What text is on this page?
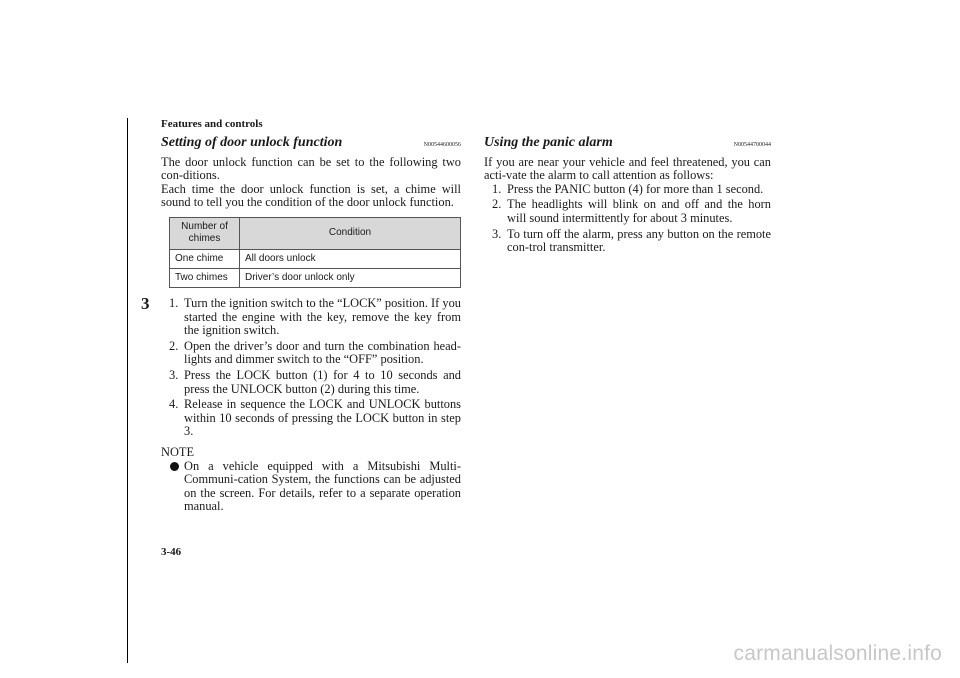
Features and controls
3
Setting of door unlock function	N00544600056

The door unlock function can be set to the following two con-ditions.

Each time the door unlock function is set, a chime will sound to tell you the condition of the door unlock function.

Number of chimes	Condition
One chime	All doors unlock
Two chimes	Driver’s door unlock only
1. Turn the ignition switch to the “LOCK” position. If you started the engine with the key, remove the key from the ignition switch.
2. Open the driver’s door and turn the combination head-lights and dimmer switch to the “OFF” position.
3. Press the LOCK button (1) for 4 to 10 seconds and press the UNLOCK button (2) during this time.
4. Release in sequence the LOCK and UNLOCK buttons within 10 seconds of pressing the LOCK button in step 3.
NOTE
On a vehicle equipped with a Mitsubishi Multi-Communi-cation System, the functions can be adjusted on the screen. For details, refer to a separate operation manual.
Using the panic alarm	N00544700044

If you are near your vehicle and feel threatened, you can acti-vate the alarm to call attention as follows:

1. Press the PANIC button (4) for more than 1 second.
2. The headlights will blink on and off and the horn will sound intermittently for about 3 minutes.
3. To turn off the alarm, press any button on the remote con-trol transmitter.
3-46
carmanualsonline.info
